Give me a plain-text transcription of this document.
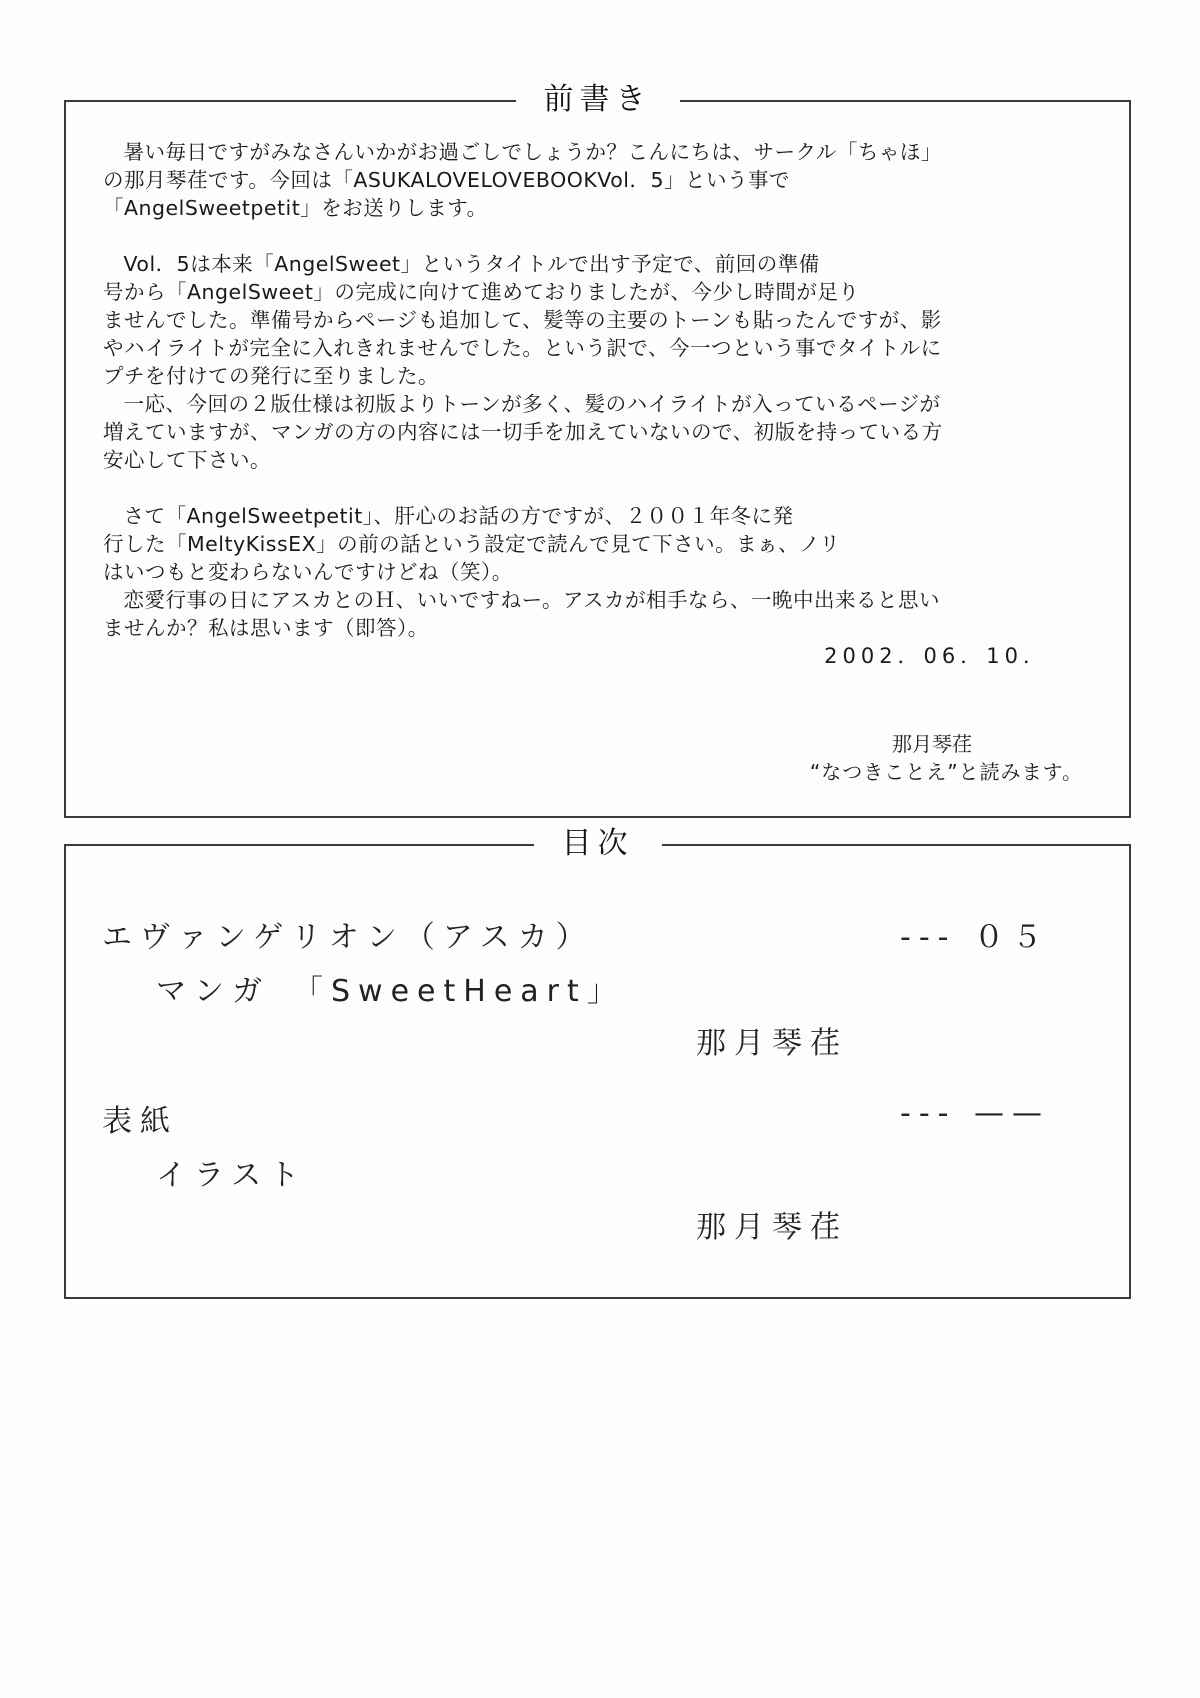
前書き

暑い毎日ですがみなさんいかがお過ごしでしょうか？こんにちは、サークル「ちゃほ」
の那月琴荏です。今回は「ASUKALOVELOVEBOOKVol．5」という事で
「AngelSweetpetit」をお送りします。

Vol．5は本来「AngelSweet」というタイトルで出す予定で、前回の準備
号から「AngelSweet」の完成に向けて進めておりましたが、今少し時間が足り
ませんでした。準備号からページも追加して、髪等の主要のトーンも貼ったんですが、影
やハイライトが完全に入れきれませんでした。という訳で、今一つという事でタイトルに
プチを付けての発行に至りました。

一応、今回の２版仕様は初版よりトーンが多く、髪のハイライトが入っているページが
増えていますが、マンガの方の内容には一切手を加えていないので、初版を持っている方
安心して下さい。

さて「AngelSweetpetit」、肝心のお話の方ですが、２００１年冬に発
行した「MeltyKissEX」の前の話という設定で読んで見て下さい。まぁ、ノリ
はいつもと変わらないんですけどね（笑）。

恋愛行事の日にアスカとのＨ、いいですねー。アスカが相手なら、一晩中出来ると思い
ませんか？私は思います（即答）。

2002．06．10．
那月琴荏
“なつきことえ”と読みます。
目次
エヴァンゲリオン（アスカ）	--- ０５
マンガ　「SweetHeart」
那月琴荏
表紙	--- ——
イラスト
那月琴荏
